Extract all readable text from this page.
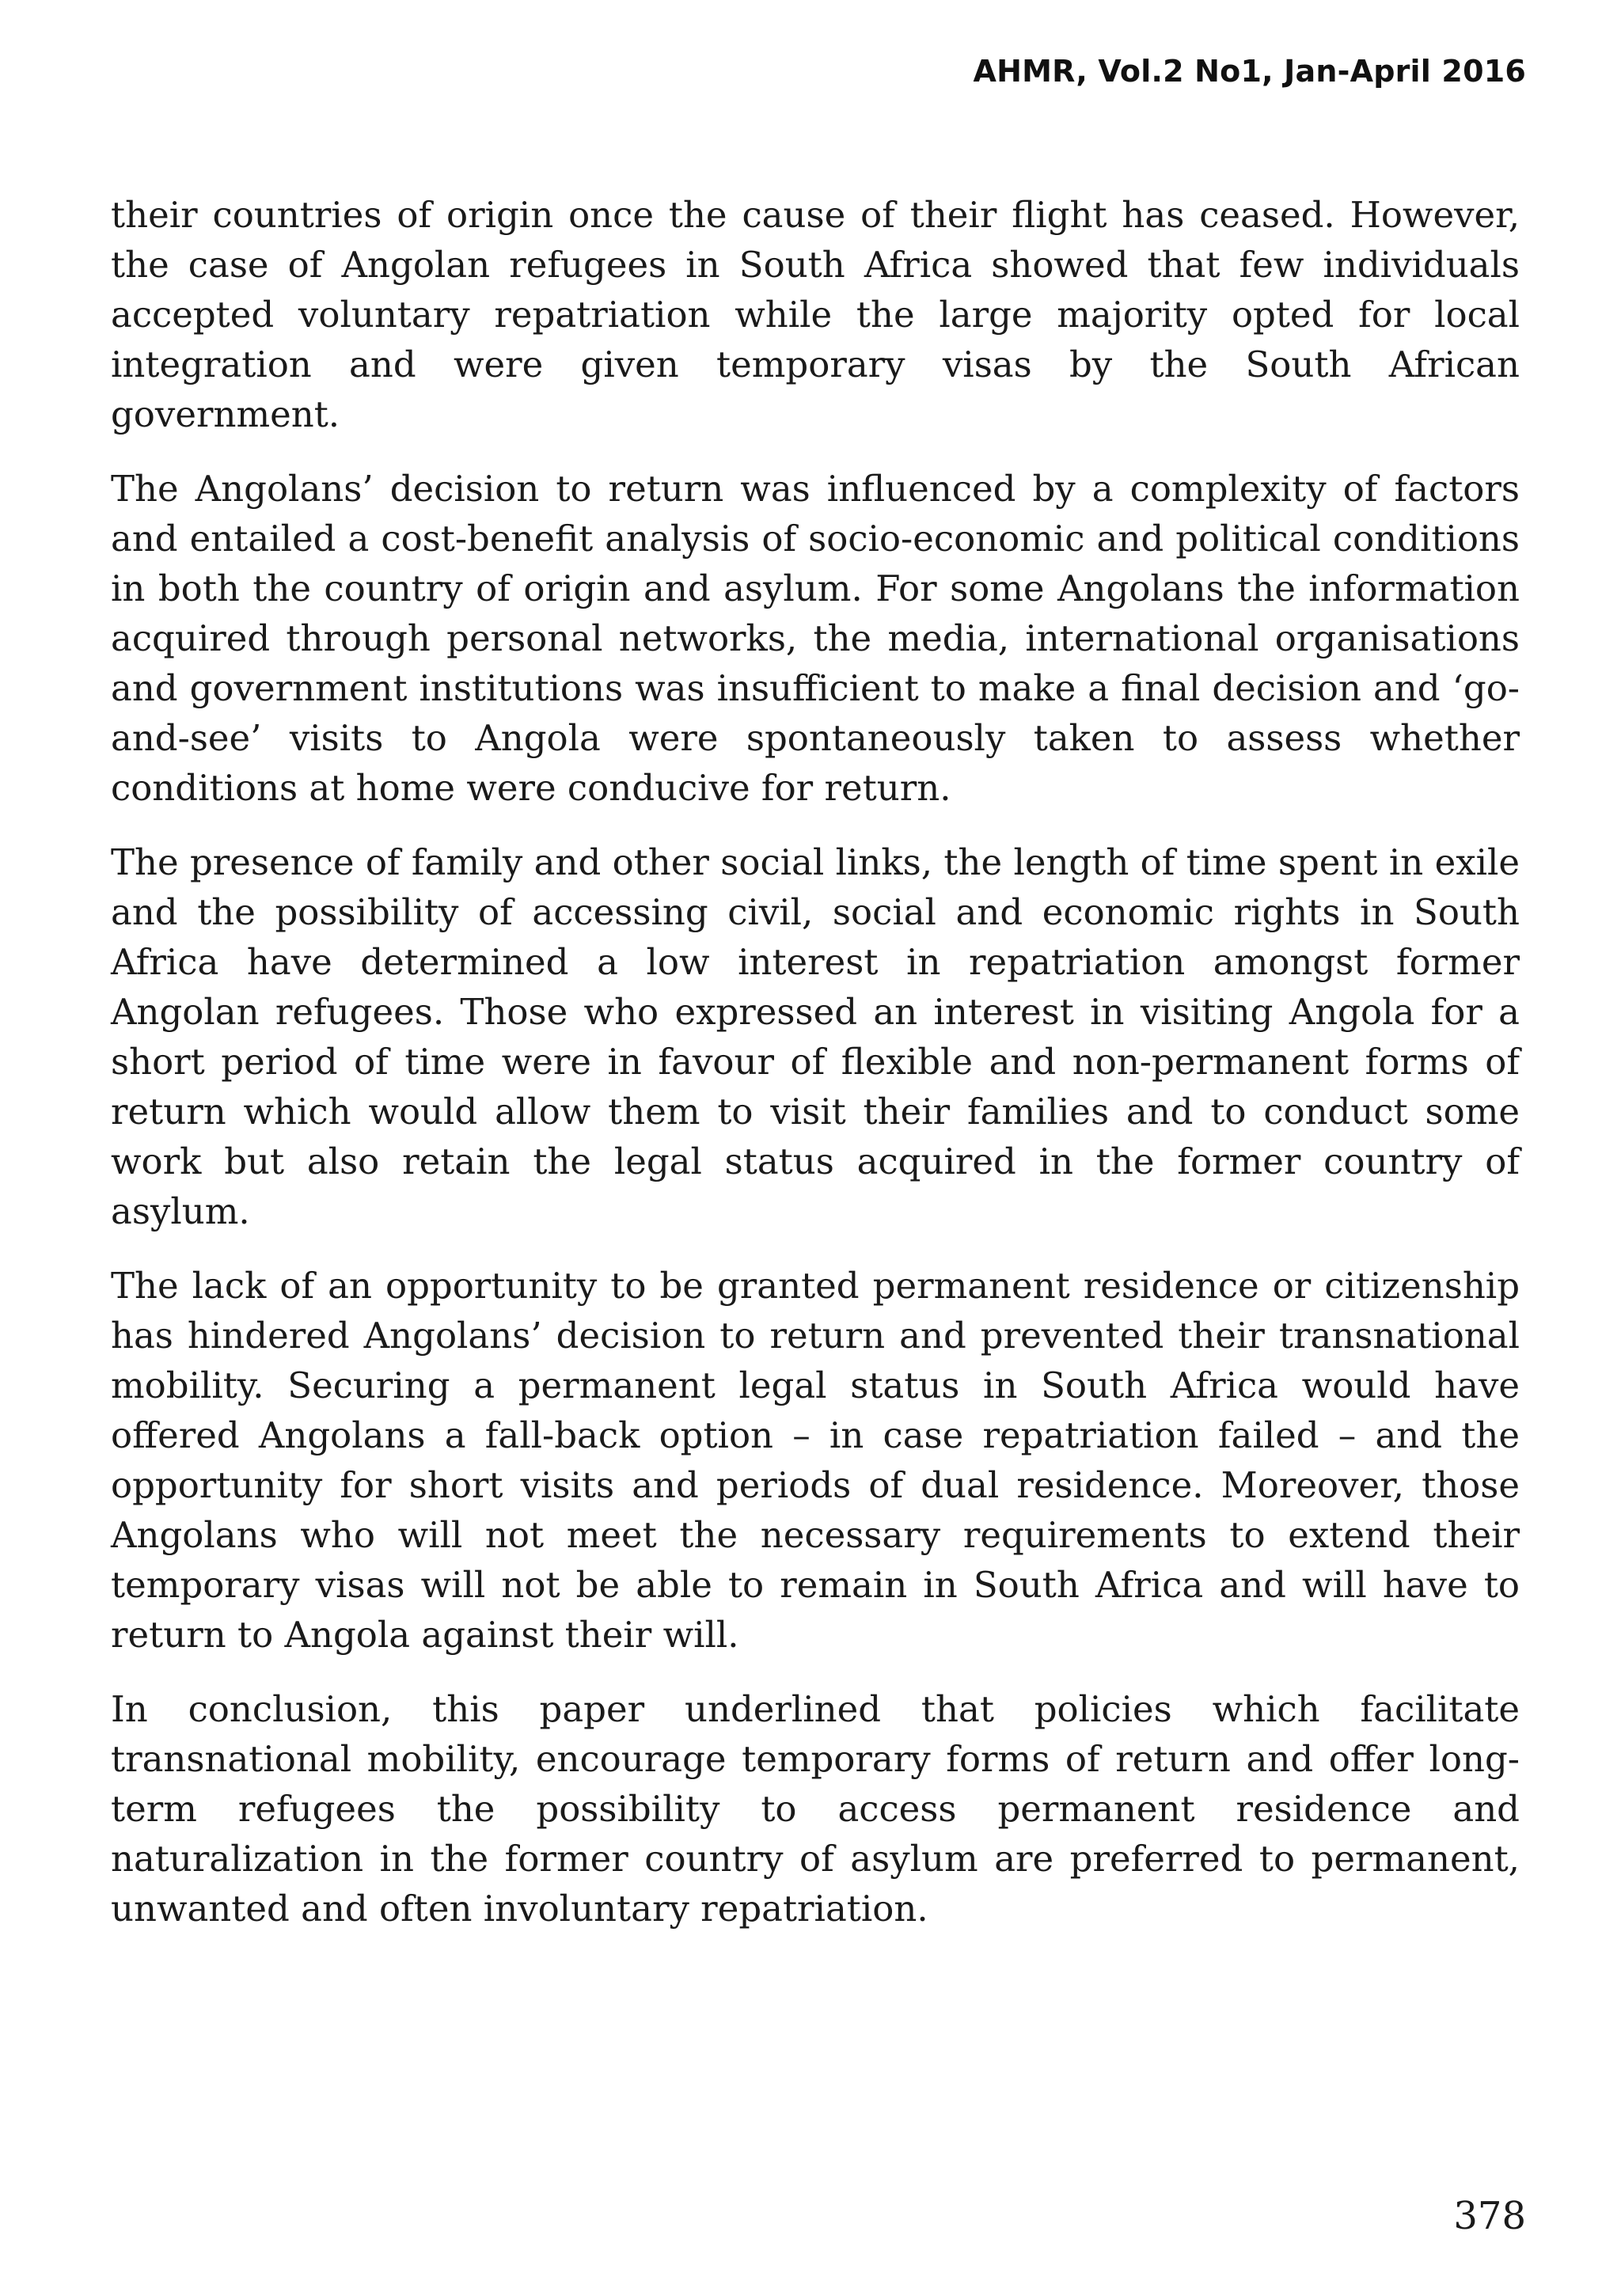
AHMR, Vol.2 No1, Jan-April 2016

their countries of origin once the cause of their flight has ceased. However, the case of Angolan refugees in South Africa showed that few individuals accepted voluntary repatriation while the large majority opted for local integration and were given temporary visas by the South African government.

The Angolans’ decision to return was influenced by a complexity of factors and entailed a cost-benefit analysis of socio-economic and political conditions in both the country of origin and asylum. For some Angolans the information acquired through personal networks, the media, international organisations and government institutions was insufficient to make a final decision and ‘go-and-see’ visits to Angola were spontaneously taken to assess whether conditions at home were conducive for return.

The presence of family and other social links, the length of time spent in exile and the possibility of accessing civil, social and economic rights in South Africa have determined a low interest in repatriation amongst former Angolan refugees. Those who expressed an interest in visiting Angola for a short period of time were in favour of flexible and non-permanent forms of return which would allow them to visit their families and to conduct some work but also retain the legal status acquired in the former country of asylum.

The lack of an opportunity to be granted permanent residence or citizenship has hindered Angolans’ decision to return and prevented their transnational mobility. Securing a permanent legal status in South Africa would have offered Angolans a fall-back option – in case repatriation failed – and the opportunity for short visits and periods of dual residence. Moreover, those Angolans who will not meet the necessary requirements to extend their temporary visas will not be able to remain in South Africa and will have to return to Angola against their will.

In conclusion, this paper underlined that policies which facilitate transnational mobility, encourage temporary forms of return and offer long-term refugees the possibility to access permanent residence and naturalization in the former country of asylum are preferred to permanent, unwanted and often involuntary repatriation.

378
